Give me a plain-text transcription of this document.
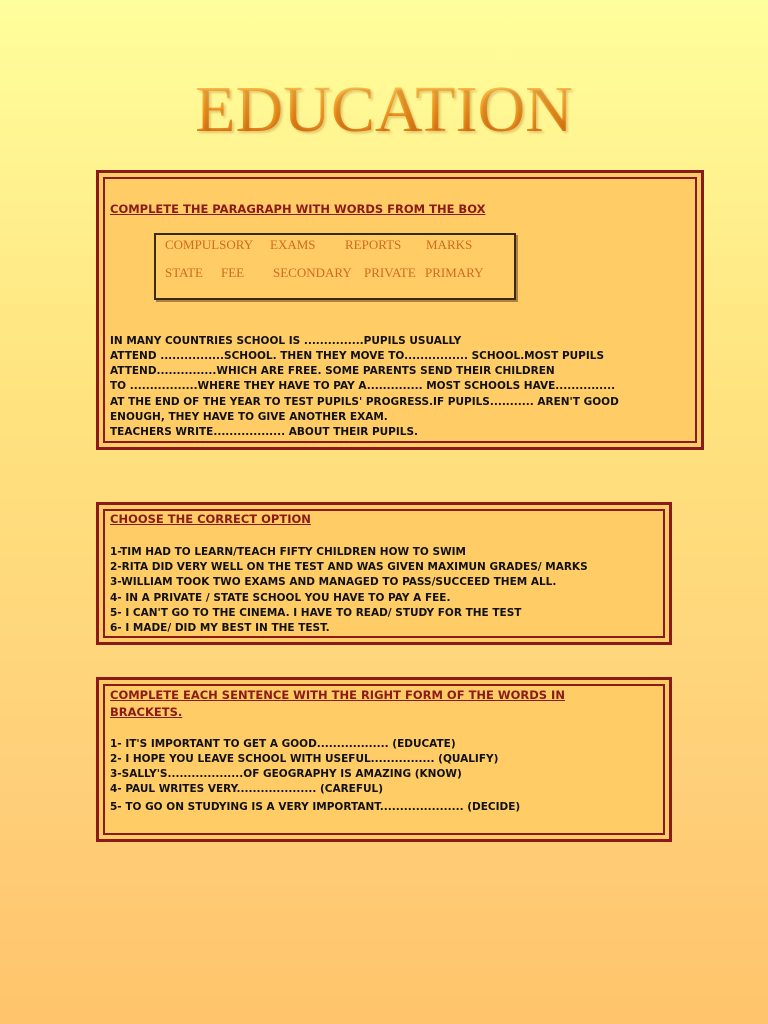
EDUCATION
COMPLETE THE PARAGRAPH WITH WORDS FROM THE BOX
COMPULSORY EXAMS REPORTS MARKS
STATE FEE SECONDARY PRIVATE PRIMARY
IN MANY COUNTRIES SCHOOL IS ...............PUPILS USUALLY
ATTEND ................SCHOOL. THEN THEY MOVE TO................ SCHOOL.MOST PUPILS
ATTEND...............WHICH ARE FREE. SOME PARENTS SEND THEIR CHILDREN
TO .................WHERE THEY HAVE TO PAY A.............. MOST SCHOOLS HAVE...............
AT THE END OF THE YEAR TO TEST PUPILS' PROGRESS.IF PUPILS........... AREN'T GOOD
ENOUGH, THEY HAVE TO GIVE ANOTHER EXAM.
TEACHERS WRITE.................. ABOUT THEIR PUPILS.
CHOOSE THE CORRECT OPTION
1-TIM HAD TO LEARN/TEACH FIFTY CHILDREN HOW TO SWIM
2-RITA DID VERY WELL ON THE TEST AND WAS GIVEN MAXIMUN GRADES/ MARKS
3-WILLIAM TOOK TWO EXAMS AND MANAGED TO PASS/SUCCEED THEM ALL.
4- IN A PRIVATE / STATE SCHOOL YOU HAVE TO PAY A FEE.
5- I CAN'T GO TO THE CINEMA. I HAVE TO READ/ STUDY FOR THE TEST
6- I MADE/ DID MY BEST IN THE TEST.
COMPLETE EACH SENTENCE WITH THE RIGHT FORM OF THE WORDS IN
BRACKETS.
1- IT'S IMPORTANT TO GET A GOOD.................. (EDUCATE)
2- I HOPE YOU LEAVE SCHOOL WITH USEFUL................ (QUALIFY)
3-SALLY'S...................OF GEOGRAPHY IS AMAZING (KNOW)
4- PAUL WRITES VERY.................... (CAREFUL)
5- TO GO ON STUDYING IS A VERY IMPORTANT..................... (DECIDE)
